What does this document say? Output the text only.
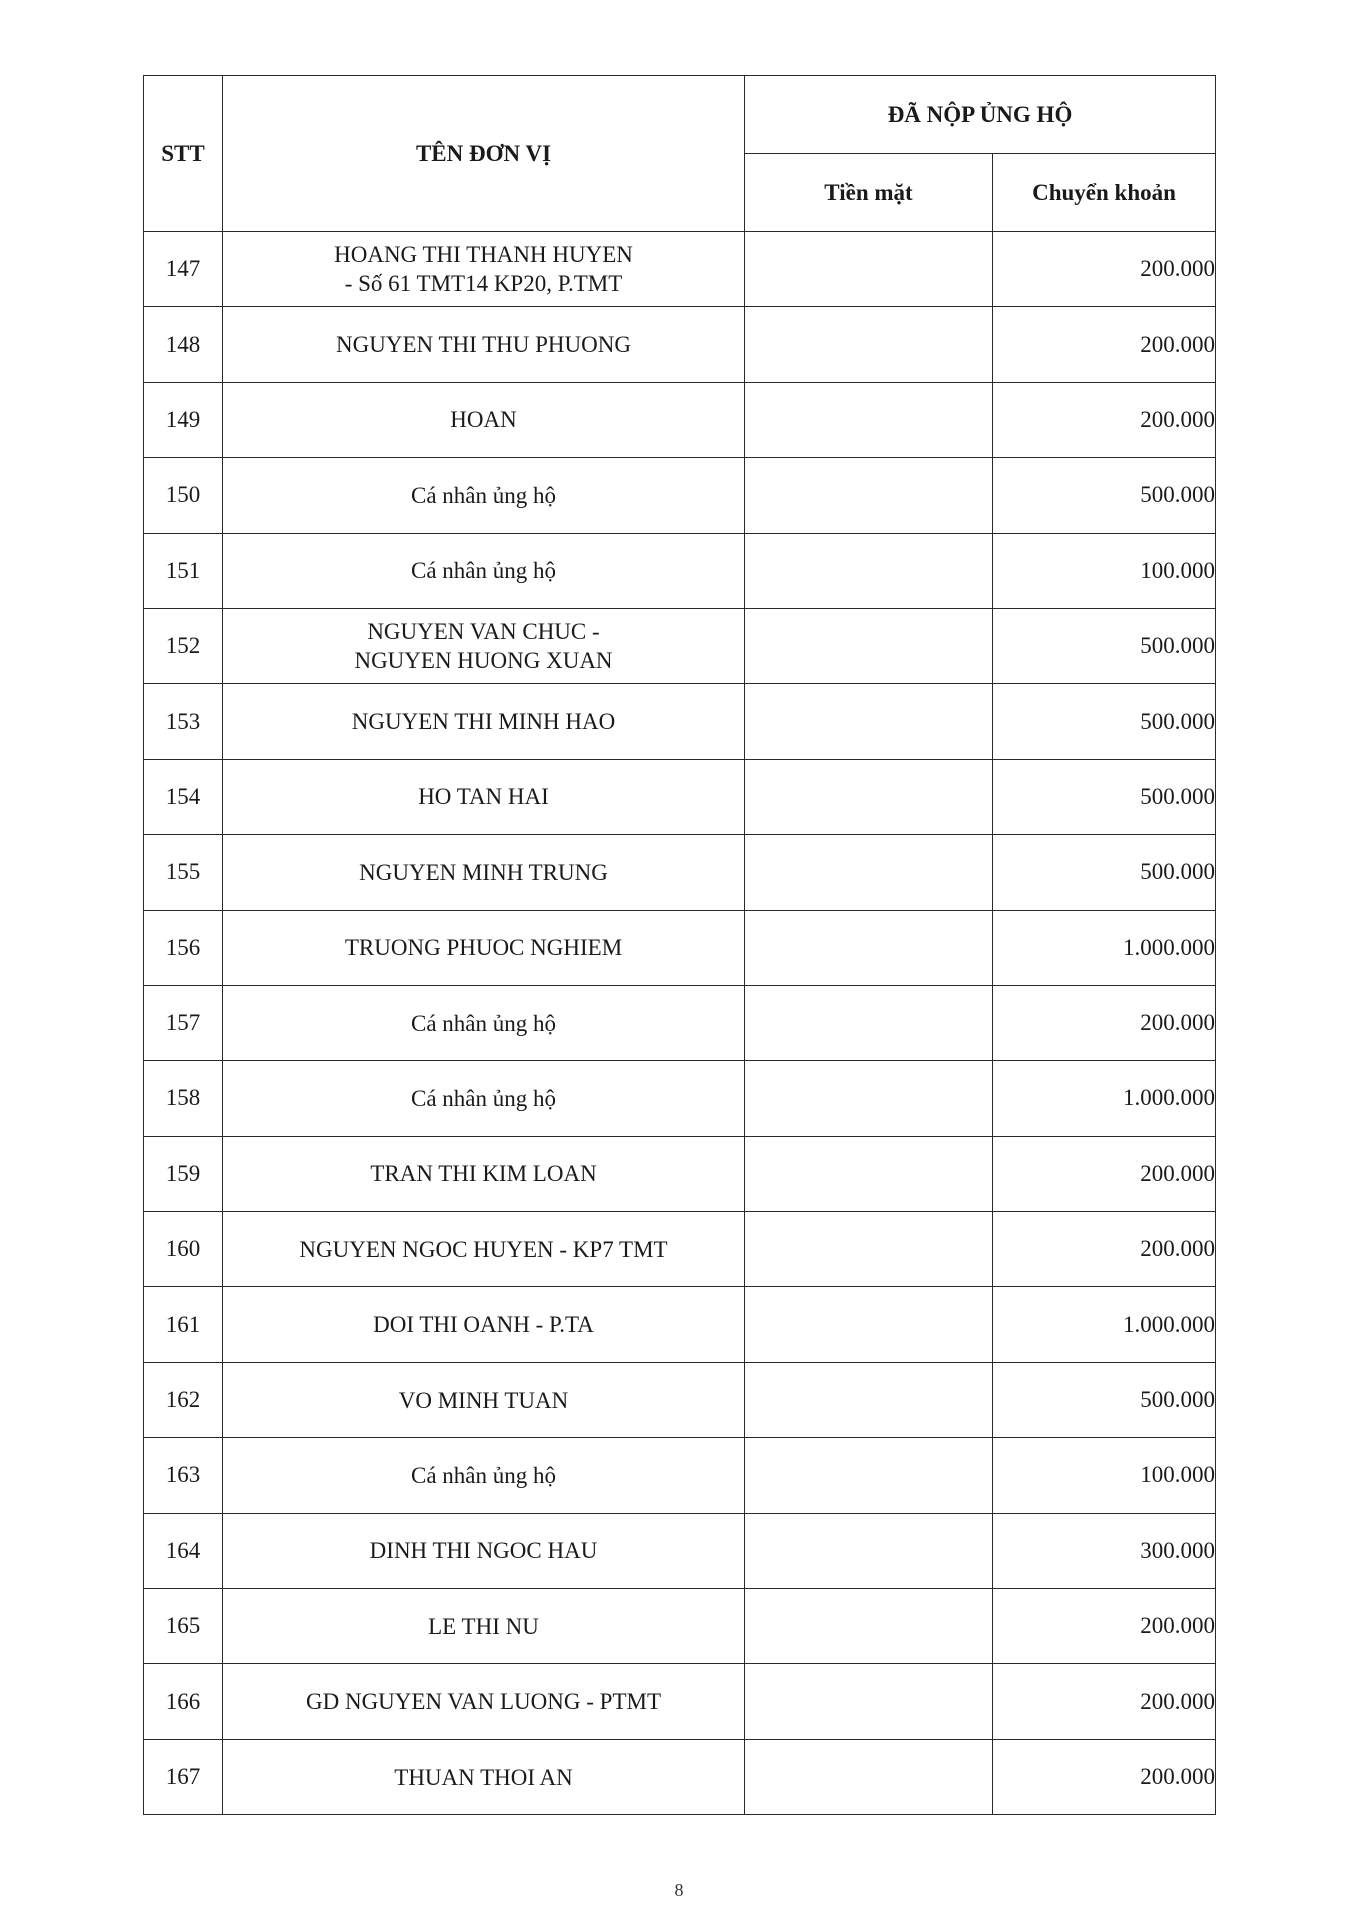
STT	TÊN ĐƠN VỊ	ĐÃ NỘP ỦNG HỘ	
		Tiền mặt	Chuyển khoản
147	HOANG THI THANH HUYEN
- Số 61 TMT14 KP20, P.TMT		200.000
148	NGUYEN THI THU PHUONG		200.000
149	HOAN		200.000
150	Cá nhân ủng hộ		500.000
151	Cá nhân ủng hộ		100.000
152	NGUYEN VAN CHUC -
NGUYEN HUONG XUAN		500.000
153	NGUYEN THI MINH HAO		500.000
154	HO TAN HAI		500.000
155	NGUYEN MINH TRUNG		500.000
156	TRUONG PHUOC NGHIEM		1.000.000
157	Cá nhân ủng hộ		200.000
158	Cá nhân ủng hộ		1.000.000
159	TRAN THI KIM LOAN		200.000
160	NGUYEN NGOC HUYEN - KP7 TMT		200.000
161	DOI THI OANH - P.TA		1.000.000
162	VO MINH TUAN		500.000
163	Cá nhân ủng hộ		100.000
164	DINH THI NGOC HAU		300.000
165	LE THI NU		200.000
166	GD NGUYEN VAN LUONG - PTMT		200.000
167	THUAN THOI AN		200.000
8
